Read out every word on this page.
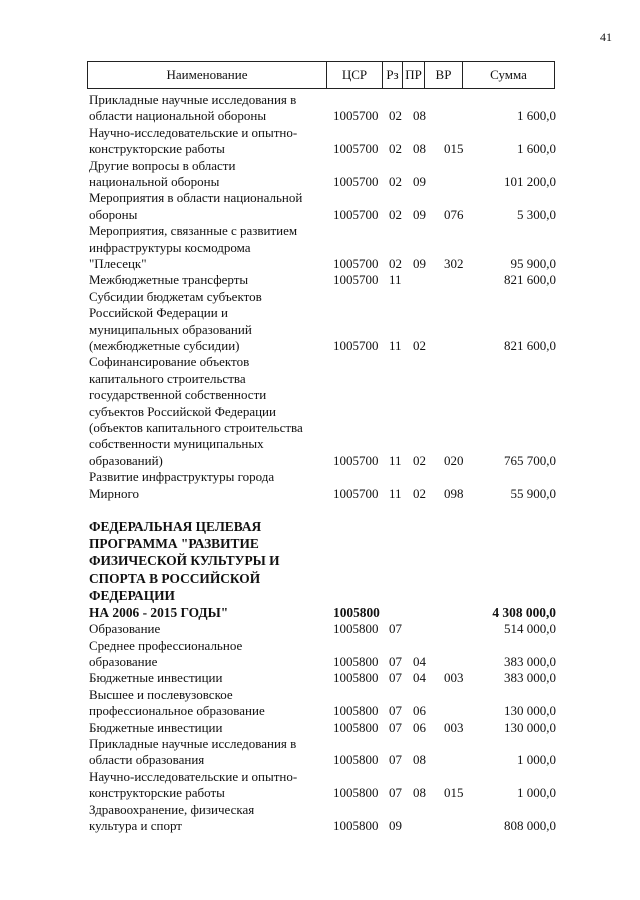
41
Наименование	ЦСР	Рз ПР	ВР	Сумма
Прикладные научные исследования в
области национальной обороны	1005700 02 08	1 600,0
Научно-исследовательские и опытно-
конструкторские работы	1005700 02 08 015	1 600,0
Другие вопросы в области
национальной обороны	1005700 02 09	101 200,0
Мероприятия в области национальной
обороны	1005700 02 09 076	5 300,0
Мероприятия, связанные с развитием
инфраструктуры космодрома
"Плесецк"	1005700 02 09 302	95 900,0
Межбюджетные трансферты	1005700 11	821 600,0
Субсидии бюджетам субъектов
Российской Федерации и
муниципальных образований
(межбюджетные субсидии)	1005700 11 02	821 600,0
Софинансирование объектов
капитального строительства
государственной собственности
субъектов Российской Федерации
(объектов капитального строительства
собственности муниципальных
образований)	1005700 11 02 020	765 700,0
Развитие инфраструктуры города
Мирного	1005700 11 02 098	55 900,0
ФЕДЕРАЛЬНАЯ ЦЕЛЕВАЯ
ПРОГРАММА "РАЗВИТИЕ
ФИЗИЧЕСКОЙ КУЛЬТУРЫ И
СПОРТА В РОССИЙСКОЙ
ФЕДЕРАЦИИ
НА 2006 - 2015 ГОДЫ"	1005800	4 308 000,0
Образование	1005800 07	514 000,0
Среднее профессиональное
образование	1005800 07 04	383 000,0
Бюджетные инвестиции	1005800 07 04 003	383 000,0
Высшее и послевузовское
профессиональное образование	1005800 07 06	130 000,0
Бюджетные инвестиции	1005800 07 06 003	130 000,0
Прикладные научные исследования в
области образования	1005800 07 08	1 000,0
Научно-исследовательские и опытно-
конструкторские работы	1005800 07 08 015	1 000,0
Здравоохранение, физическая
культура и спорт	1005800 09	808 000,0
